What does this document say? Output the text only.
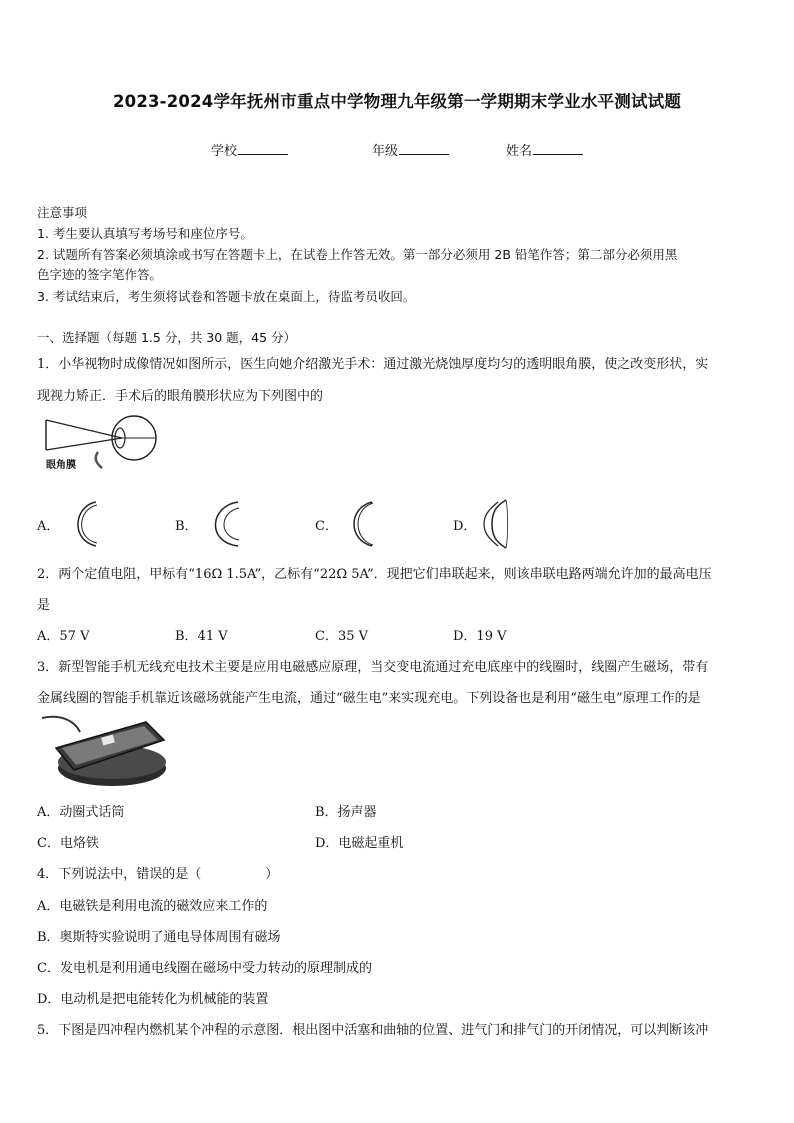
2023-2024学年抚州市重点中学物理九年级第一学期期末学业水平测试试题
学校	年级	姓名
注意事项
1. 考生要认真填写考场号和座位序号。
2. 试题所有答案必须填涂或书写在答题卡上，在试卷上作答无效。第一部分必须用 2B 铅笔作答；第二部分必须用黑
色字迹的签字笔作答。
3. 考试结束后，考生须将试卷和答题卡放在桌面上，待监考员收回。
一、选择题（每题 1.5 分，共 30 题，45 分）
1．小华视物时成像情况如图所示，医生向她介绍激光手术：通过激光烧蚀厚度均匀的透明眼角膜，使之改变形状，实
现视力矫正．手术后的眼角膜形状应为下列图中的
眼角膜
A．	B．	C．	D．
2．两个定值电阻，甲标有“16Ω 1.5A”，乙标有“22Ω 5A”．现把它们串联起来，则该串联电路两端允许加的最高电压
是
A．57 V	B．41 V	C．35 V	D．19 V
3．新型智能手机无线充电技术主要是应用电磁感应原理，当交变电流通过充电底座中的线圈时，线圈产生磁场，带有
金属线圈的智能手机靠近该磁场就能产生电流，通过“磁生电”来实现充电。下列设备也是利用“磁生电”原理工作的是
A．动圈式话筒	B．扬声器
C．电烙铁	D．电磁起重机
4．下列说法中，错误的是（	）
A．电磁铁是利用电流的磁效应来工作的
B．奥斯特实验说明了通电导体周围有磁场
C．发电机是利用通电线圈在磁场中受力转动的原理制成的
D．电动机是把电能转化为机械能的装置
5．下图是四冲程内燃机某个冲程的示意图．根出图中活塞和曲轴的位置、进气门和排气门的开闭情况，可以判断该冲
